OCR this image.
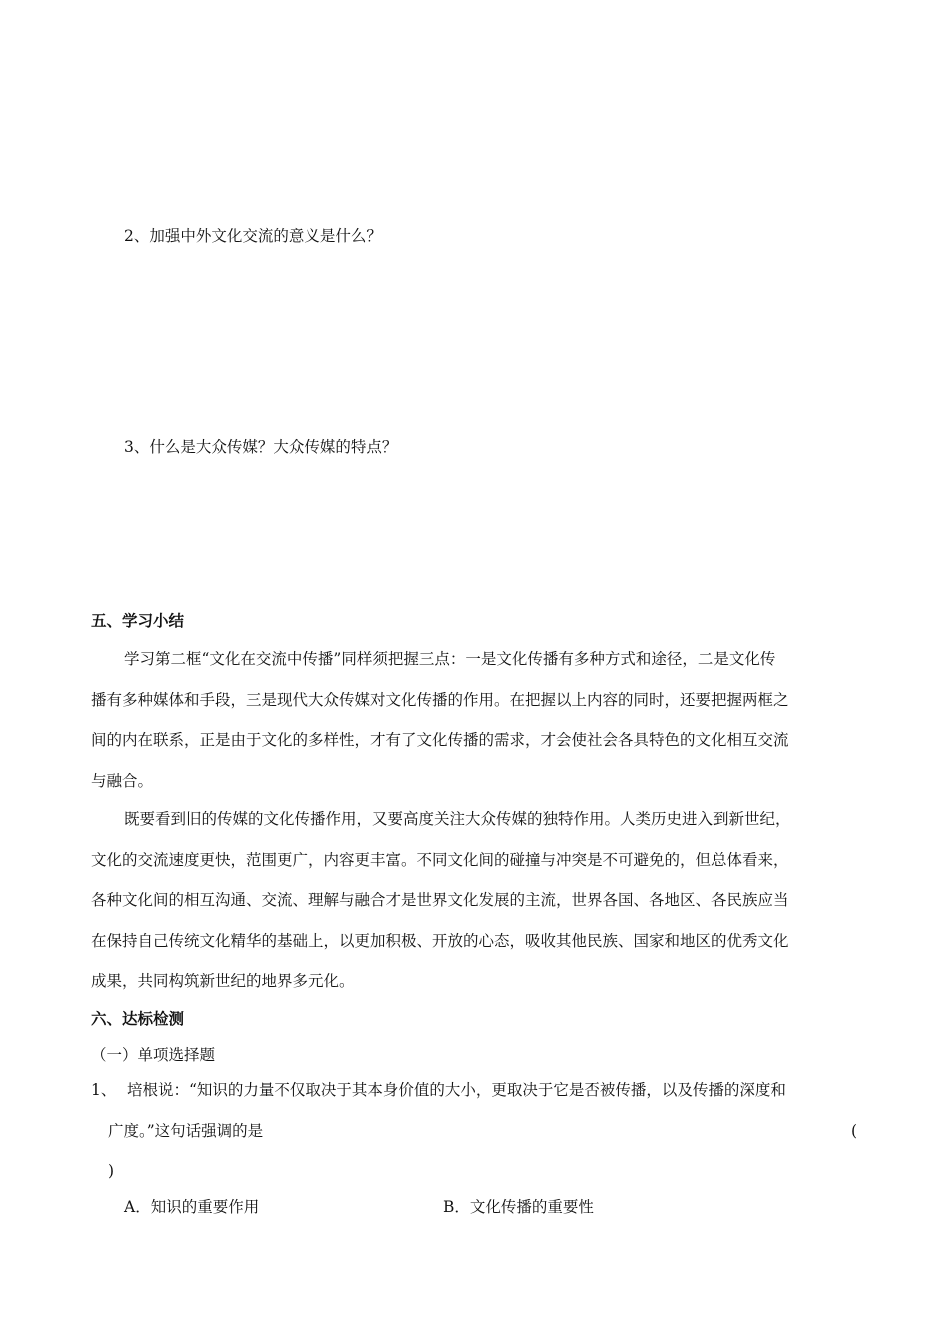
2、加强中外文化交流的意义是什么？
3、什么是大众传媒？大众传媒的特点？
五、学习小结
学习第二框“文化在交流中传播”同样须把握三点：一是文化传播有多种方式和途径，二是文化传
播有多种媒体和手段，三是现代大众传媒对文化传播的作用。在把握以上内容的同时，还要把握两框之
间的内在联系，正是由于文化的多样性，才有了文化传播的需求，才会使社会各具特色的文化相互交流
与融合。
既要看到旧的传媒的文化传播作用，又要高度关注大众传媒的独特作用。人类历史进入到新世纪，
文化的交流速度更快，范围更广，内容更丰富。不同文化间的碰撞与冲突是不可避免的，但总体看来，
各种文化间的相互沟通、交流、理解与融合才是世界文化发展的主流，世界各国、各地区、各民族应当
在保持自己传统文化精华的基础上，以更加积极、开放的心态，吸收其他民族、国家和地区的优秀文化
成果，共同构筑新世纪的地界多元化。
六、达标检测
（一）单项选择题
1、 培根说：“知识的力量不仅取决于其本身价值的大小，更取决于它是否被传播，以及传播的深度和
广度。”这句话强调的是	(
)
A．知识的重要作用	B．文化传播的重要性
